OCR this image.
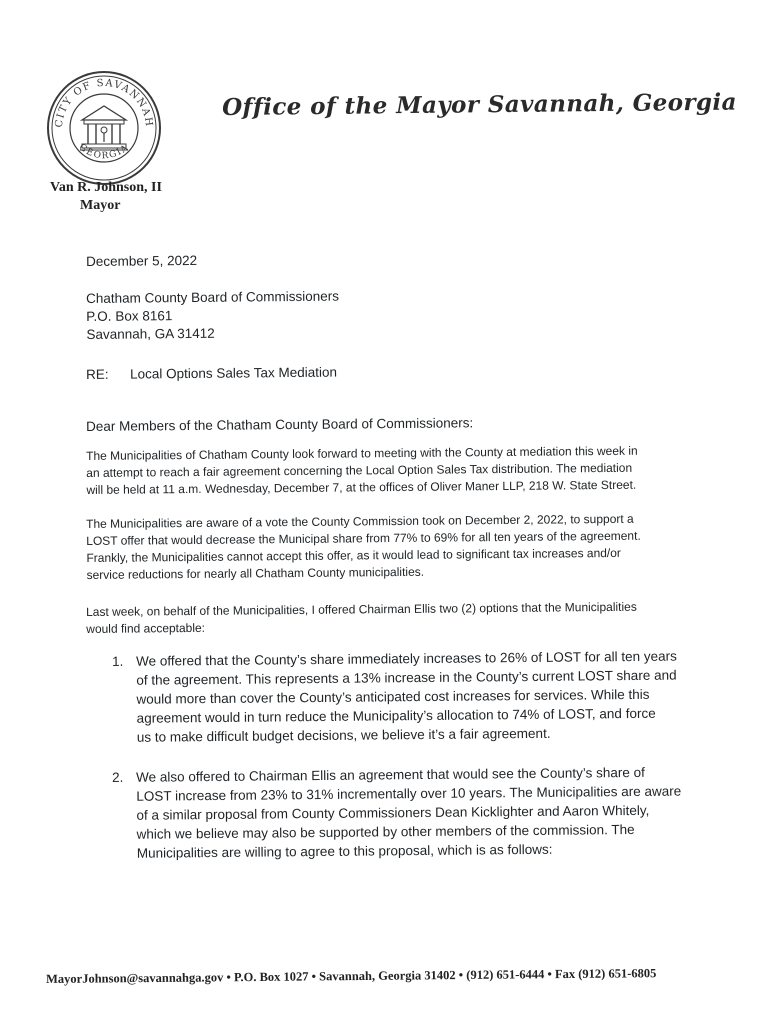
CITY OF SAVANNAH
GEORGIA
Office of the Mayor Savannah, Georgia
Van R. Johnson, II
Mayor
December 5, 2022
Chatham County Board of Commissioners
P.O. Box 8161
Savannah, GA 31412
RE: Local Options Sales Tax Mediation
Dear Members of the Chatham County Board of Commissioners:
The Municipalities of Chatham County look forward to meeting with the County at mediation this week in
an attempt to reach a fair agreement concerning the Local Option Sales Tax distribution. The mediation
will be held at 11 a.m. Wednesday, December 7, at the offices of Oliver Maner LLP, 218 W. State Street.
The Municipalities are aware of a vote the County Commission took on December 2, 2022, to support a
LOST offer that would decrease the Municipal share from 77% to 69% for all ten years of the agreement.
Frankly, the Municipalities cannot accept this offer, as it would lead to significant tax increases and/or
service reductions for nearly all Chatham County municipalities.
Last week, on behalf of the Municipalities, I offered Chairman Ellis two (2) options that the Municipalities
would find acceptable:
1. We offered that the County’s share immediately increases to 26% of LOST for all ten years
of the agreement. This represents a 13% increase in the County’s current LOST share and
would more than cover the County’s anticipated cost increases for services. While this
agreement would in turn reduce the Municipality’s allocation to 74% of LOST, and force
us to make difficult budget decisions, we believe it’s a fair agreement.
2. We also offered to Chairman Ellis an agreement that would see the County’s share of
LOST increase from 23% to 31% incrementally over 10 years. The Municipalities are aware
of a similar proposal from County Commissioners Dean Kicklighter and Aaron Whitely,
which we believe may also be supported by other members of the commission. The
Municipalities are willing to agree to this proposal, which is as follows:
MayorJohnson@savannahga.gov • P.O. Box 1027 • Savannah, Georgia 31402 • (912) 651-6444 • Fax (912) 651-6805
